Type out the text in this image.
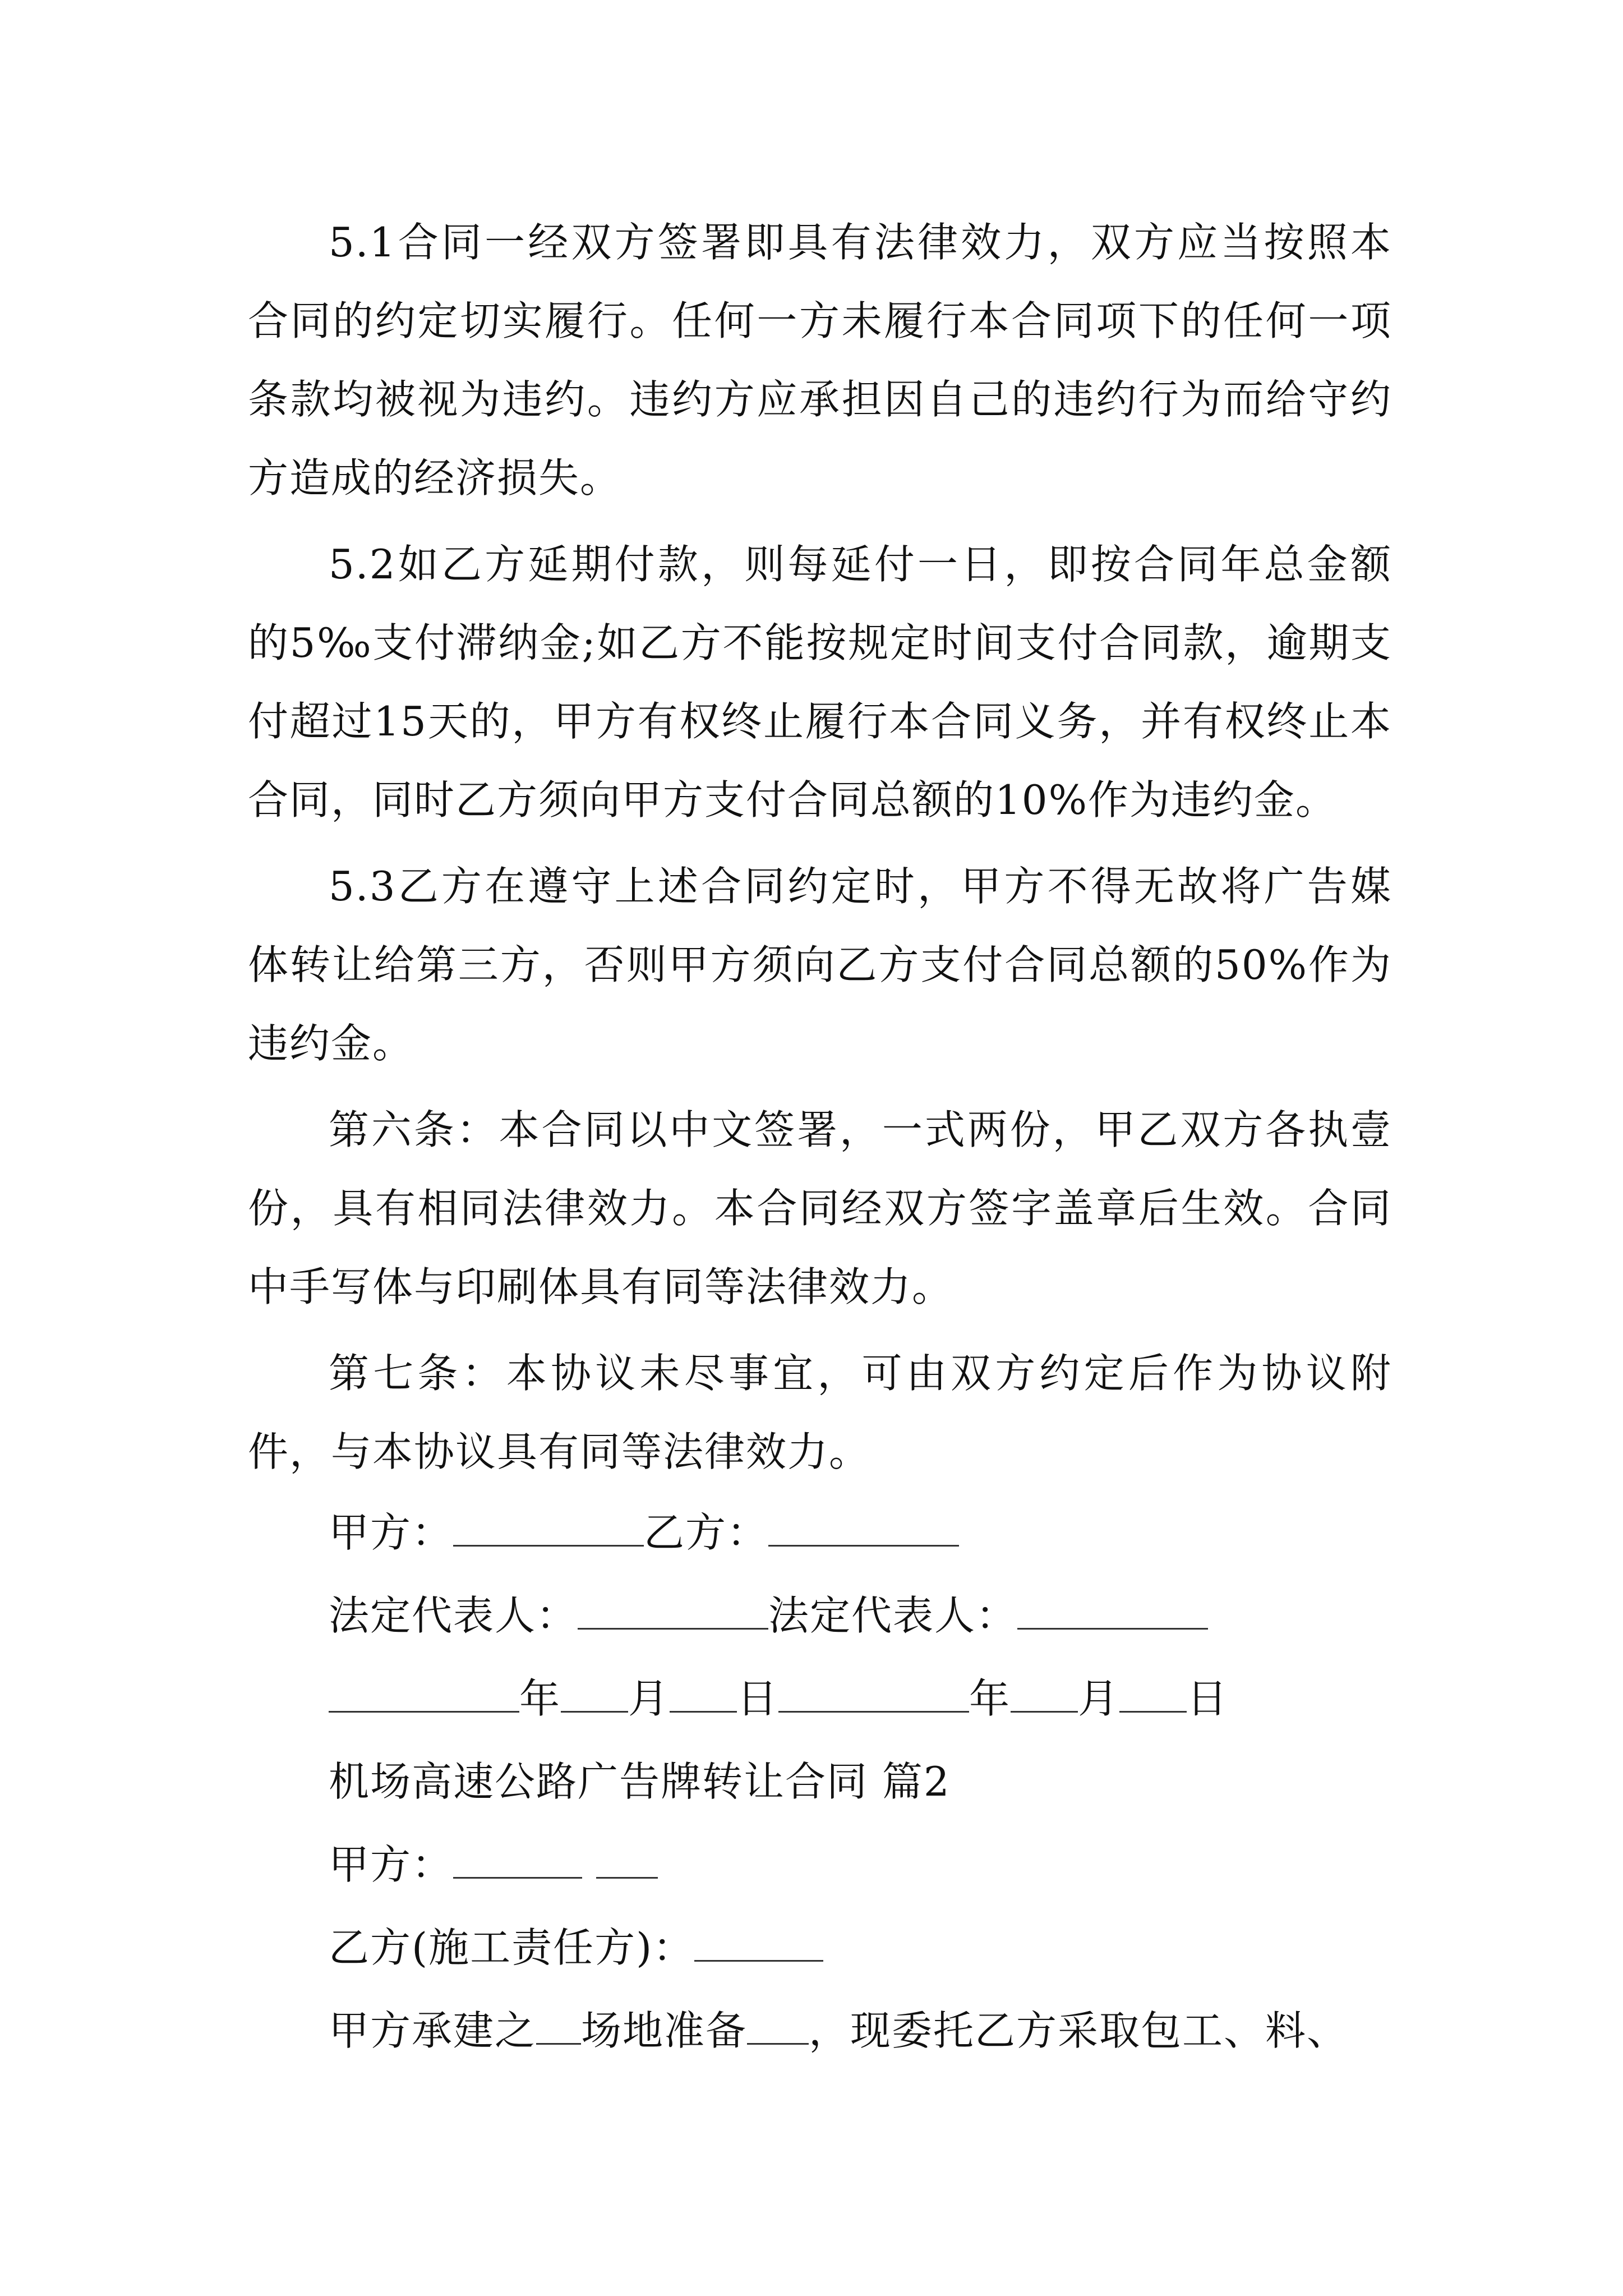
5.1合同一经双方签署即具有法律效力，双方应当按照本合同的约定切实履行。任何一方未履行本合同项下的任何一项条款均被视为违约。违约方应承担因自己的违约行为而给守约方造成的经济损失。

5.2如乙方延期付款，则每延付一日，即按合同年总金额的5‰支付滞纳金;如乙方不能按规定时间支付合同款，逾期支付超过15天的，甲方有权终止履行本合同义务，并有权终止本合同，同时乙方须向甲方支付合同总额的10%作为违约金。

5.3乙方在遵守上述合同约定时，甲方不得无故将广告媒体转让给第三方，否则甲方须向乙方支付合同总额的50%作为违约金。

第六条：本合同以中文签署，一式两份，甲乙双方各执壹份，具有相同法律效力。本合同经双方签字盖章后生效。合同中手写体与印刷体具有同等法律效力。

第七条：本协议未尽事宜，可由双方约定后作为协议附件，与本协议具有同等法律效力。

甲方：	乙方：
法定代表人：	法定代表人：
年 月 日	年 月 日
机场高速公路广告牌转让合同 篇2
甲方：
乙方(施工责任方)：
甲方承建之 场地准备 ，现委托乙方采取包工、料、
